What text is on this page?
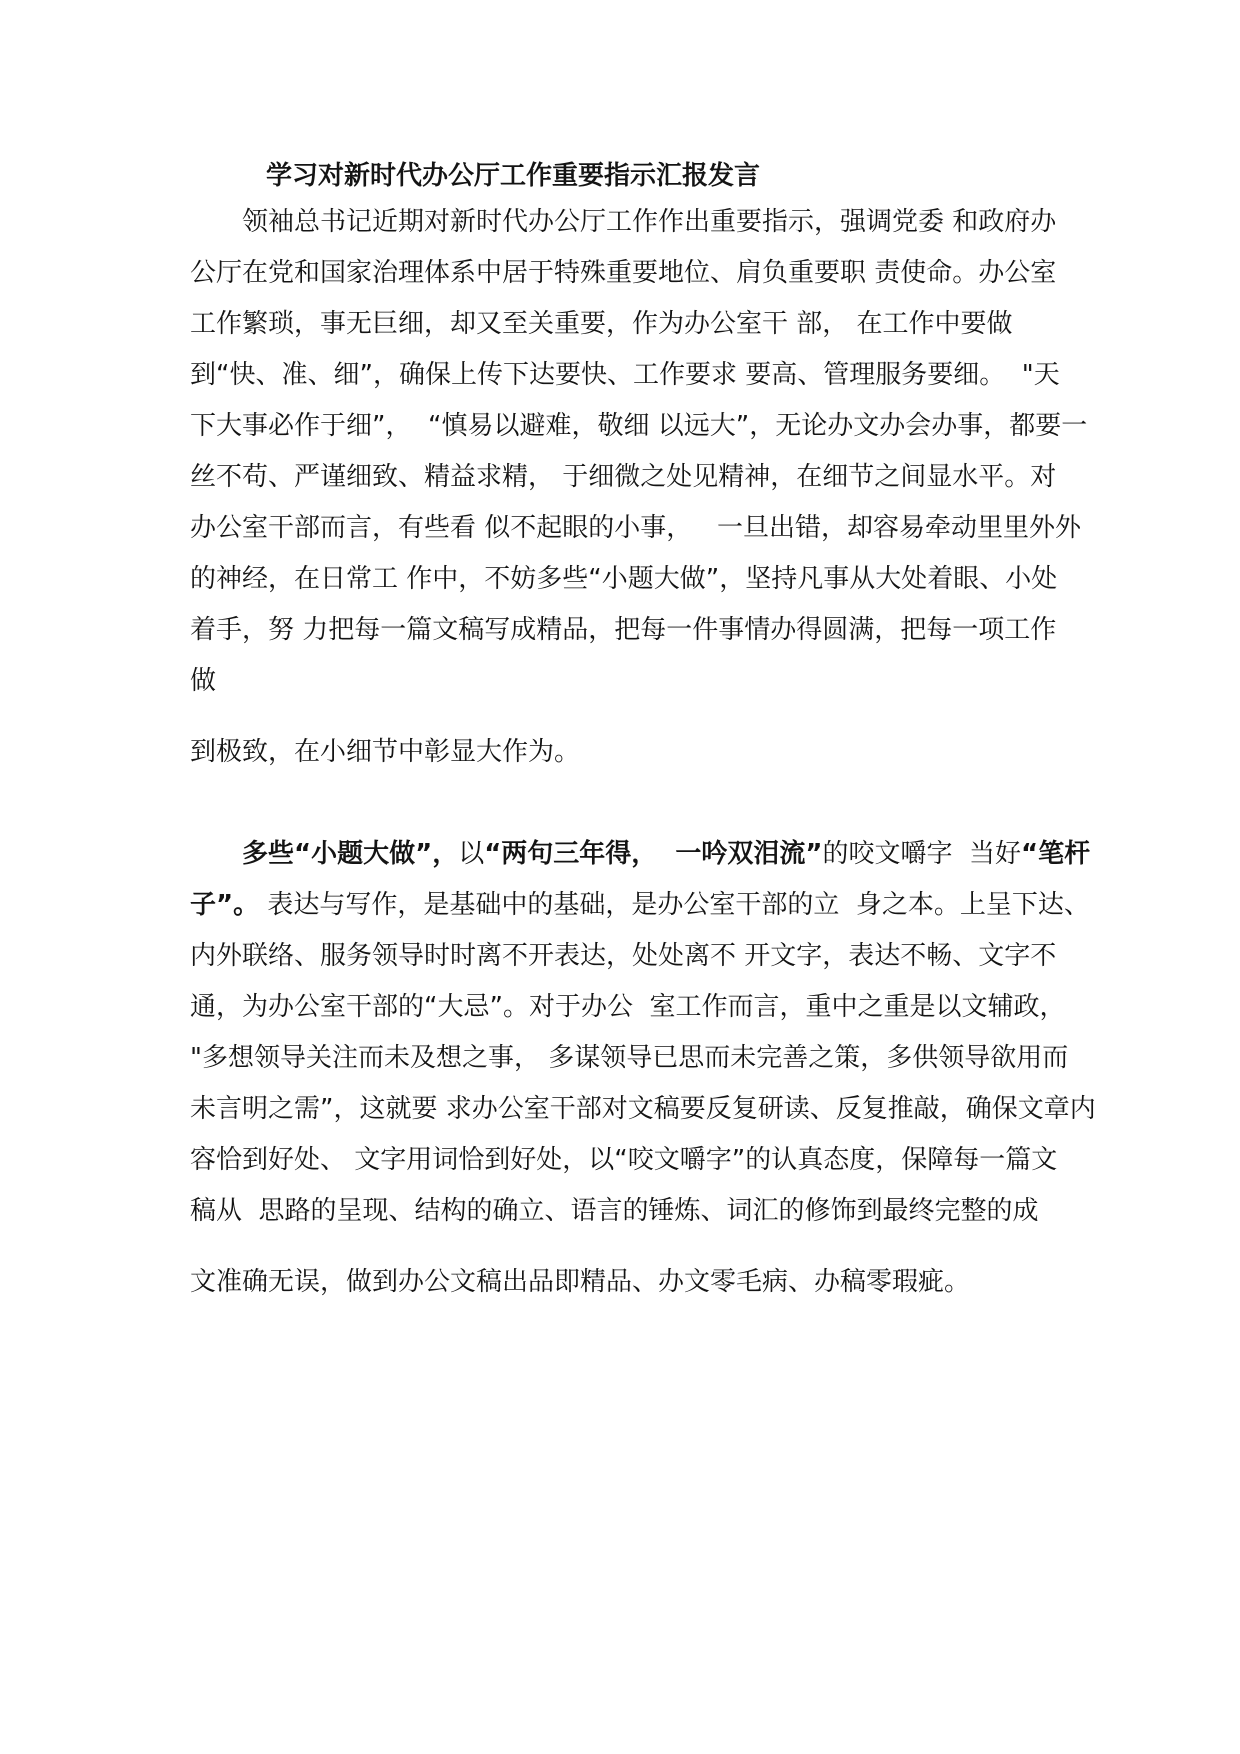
学习对新时代办公厅工作重要指示汇报发言
　　领袖总书记近期对新时代办公厅工作作出重要指示，强调党委 和政府办
公厅在党和国家治理体系中居于特殊重要地位、肩负重要职 责使命。办公室
工作繁琐，事无巨细，却又至关重要，作为办公室干 部， 在工作中要做
到“快、准、细”，确保上传下达要快、工作要求 要高、管理服务要细。  "天
下大事必作于细”，  “慎易以避难，敬细 以远大”，无论办文办会办事，都要一
丝不苟、严谨细致、精益求精， 于细微之处见精神，在细节之间显水平。对
办公室干部而言，有些看 似不起眼的小事，   一旦出错，却容易牵动里里外外
的神经，在日常工 作中，不妨多些“小题大做”，坚持凡事从大处着眼、小处
着手，努 力把每一篇文稿写成精品，把每一件事情办得圆满，把每一项工作
做
到极致，在小细节中彰显大作为。
　　多些“小题大做”，以“两句三年得，  一吟双泪流”的咬文嚼字  当好“笔杆
子”。 表达与写作，是基础中的基础，是办公室干部的立  身之本。上呈下达、
内外联络、服务领导时时离不开表达，处处离不 开文字，表达不畅、文字不
通，为办公室干部的“大忌”。对于办公  室工作而言，重中之重是以文辅政，
"多想领导关注而未及想之事， 多谋领导已思而未完善之策，多供领导欲用而
未言明之需”，这就要 求办公室干部对文稿要反复研读、反复推敲，确保文章内
容恰到好处、 文字用词恰到好处，以“咬文嚼字”的认真态度，保障每一篇文
稿从  思路的呈现、结构的确立、语言的锤炼、词汇的修饰到最终完整的成
文准确无误，做到办公文稿出品即精品、办文零毛病、办稿零瑕疵。
